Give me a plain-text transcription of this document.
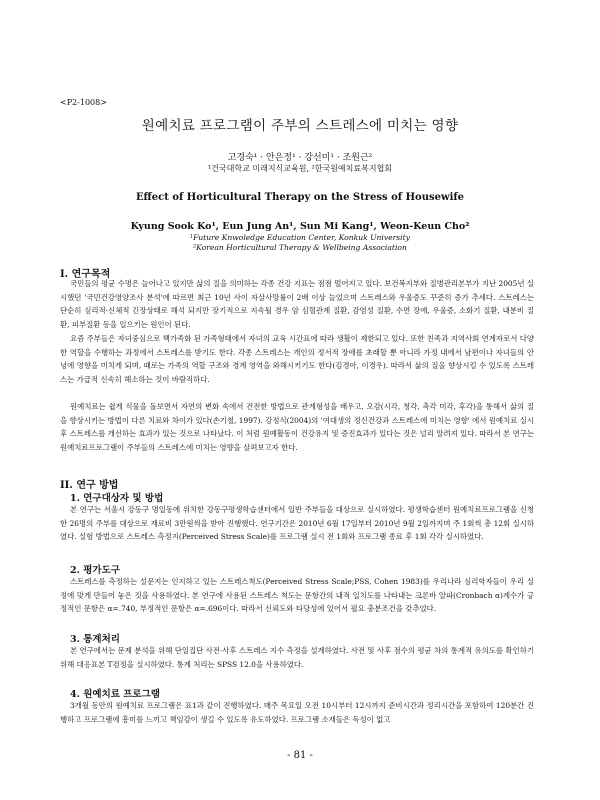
<P2-1008>
원예치료 프로그램이 주부의 스트레스에 미치는 영향
고경숙¹ · 안은정¹ · 강선미¹ · 조원근²
¹건국대학교 미래지식교육원, ²한국원예치료복지협회
Effect of Horticultural Therapy on the Stress of Housewife
Kyung Sook Ko¹, Eun Jung An¹, Sun Mi Kang¹, Weon-Keun Cho²
¹Future Knwoledge Education Center, Konkuk University
²Korean Horticultural Therapy & Wellbeing Association
I. 연구목적

국민들의 평균 수명은 늘어나고 있지만 삶의 질을 의미하는 각종 건강 지표는 점점 떨어지고 있다. 보건복지부와 질병관리본부가 지난 2005년 실시했던 '국민건강영양조사 분석'에 따르면 최근 10년 사이 자살사망률이 2배 이상 늘었으며 스트레스와 우울증도 꾸준히 증가 추세다. 스트레스는 단순히 심리적·신체적 긴장상태로 해석 되지만 장기적으로 지속될 경우 암 심혈관계 질환, 감염성 질환, 수면 장애, 우울증, 소화기 질환, 내분비 질환, 피부질환 등을 일으키는 원인이 된다.

요즘 주부들은 자녀중심으로 핵가족화 된 가족형태에서 자녀의 교육 시간표에 따라 생활이 제한되고 있다. 또한 친족과 지역사회 연계자로서 다양한 역할을 수행하는 과정에서 스트레스를 받기도 한다. 각종 스트레스는 개인의 정서적 장애를 초래할 뿐 아니라 가정 내에서 남편이나 자녀들의 안녕에 영향을 미치게 되며, 때로는 가족의 역할 구조와 경계 영역을 와해시키기도 한다(김경아, 이경우). 따라서 삶의 질을 향상시킬 수 있도록 스트레스는 가급적 신속히 해소하는 것이 바람직하다.

원예치료는 쉽게 식물을 돌보면서 자연의 변화 속에서 건전한 방법으로 관계형성을 배우고, 오감(시각, 청각, 촉각 미각, 후각)을 통해서 삶의 질을 향상시키는 방법이 다른 치료와 차이가 있다(손기철, 1997). 강정식(2004)의 '여대생의 정신건강과 스트레스에 미치는 영향' 에서 원예치료 실시 후 스트레스를 개선하는 효과가 있는 것으로 나타났다. 이 처럼 원예활동이 건강유지 및 증진효과가 있다는 것은 널리 알려져 있다. 따라서 본 연구는 원예치료프로그램이 주부들의 스트레스에 미치는 영향을 살펴보고자 한다.

II. 연구 방법
1. 연구대상자 및 방법

본 연구는 서울시 강동구 명일동에 위치한 강동구평생학습센터에서 일반 주부들을 대상으로 실시하였다. 평생학습센터 원예치료프로그램을 신청한 26명의 주부를 대상으로 재료비 3만원씩을 받아 진행했다. 연구기간은 2010년 6월 17일부터 2010년 9월 2일까지며 주 1회씩 총 12회 실시하였다. 실험 방법으로 스트레스 측정지(Perceived Stress Scale)를 프로그램 실시 전 1회와 프로그램 종료 후 1회 각각 실시하였다.

2. 평가도구

스트레스를 측정하는 설문지는 인지하고 있는 스트레스척도(Perceived Stress Scale;PSS, Cohen 1983)를 우리나라 심리학자들이 우리 실정에 맞게 만들어 놓은 것을 사용하였다. 본 연구에 사용된 스트레스 척도는 문항간의 내적 일치도를 나타내는 크론바 알파(Cronbach α)계수가 긍정적인 문항은 α=.740, 부정적인 문항은 α=.696이다. 따라서 신뢰도와 타당성에 있어서 필요 충분조건을 갖추었다.

3. 통계처리

본 연구에서는 문제 분석을 위해 단일집단 사전·사후 스트레스 지수 측정을 설계하였다. 사전 및 사후 점수의 평균 차의 통계적 유의도를 확인하기 위해 대응표본 T검정을 실시하였다. 통계 처리는 SPSS 12.0을 사용하였다.

4. 원예치료 프로그램

3개월 동안의 원예치료 프로그램은 표1과 같이 진행하였다. 매주 목요일 오전 10시부터 12시까지 준비시간과 정리시간을 포함하여 120분간 진행하고 프로그램에 흥미를 느끼고 책임감이 생길 수 있도록 유도하였다. 프로그램 소재들은 독성이 없고

- 81 -
